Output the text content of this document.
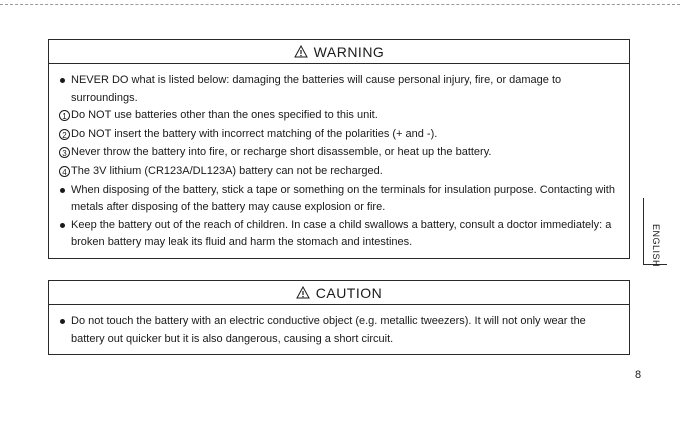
WARNING
NEVER DO what is listed below: damaging the batteries will cause personal injury, fire, or damage to surroundings.
1 Do NOT use batteries other than the ones specified to this unit.
2 Do NOT insert the battery with incorrect matching of the polarities (+ and -).
3 Never throw the battery into fire, or recharge short disassemble, or heat up the battery.
4 The 3V lithium (CR123A/DL123A) battery can not be recharged.
When disposing of the battery, stick a tape or something on the terminals for insulation purpose. Contacting with metals after disposing of the battery may cause explosion or fire.
Keep the battery out of the reach of children. In case a child swallows a battery, consult a doctor immediately: a broken battery may leak its fluid and harm the stomach and intestines.
CAUTION
Do not touch the battery with an electric conductive object (e.g. metallic tweezers). It will not only wear the battery out quicker but it is also dangerous, causing a short circuit.
ENGLISH
8
